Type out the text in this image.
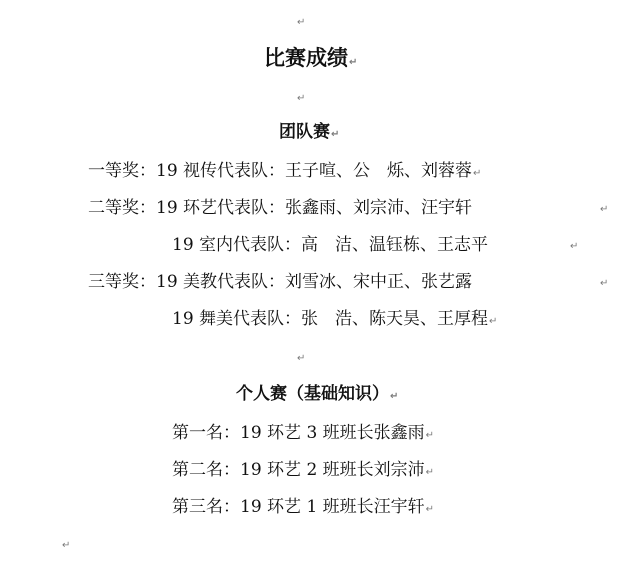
↵
比赛成绩↵
↵
团队赛↵
一等奖：19 视传代表队：王子喧、公　烁、刘蓉蓉↵
二等奖：19 环艺代表队：张鑫雨、刘宗沛、汪宇轩	↵
19 室内代表队：高　洁、温钰栋、王志平	↵
三等奖：19 美教代表队：刘雪冰、宋中正、张艺露	↵
19 舞美代表队：张　浩、陈天昊、王厚程↵
↵
个人赛（基础知识）↵
第一名：19 环艺 3 班班长张鑫雨↵
第二名：19 环艺 2 班班长刘宗沛↵
第三名：19 环艺 1 班班长汪宇轩↵
↵
